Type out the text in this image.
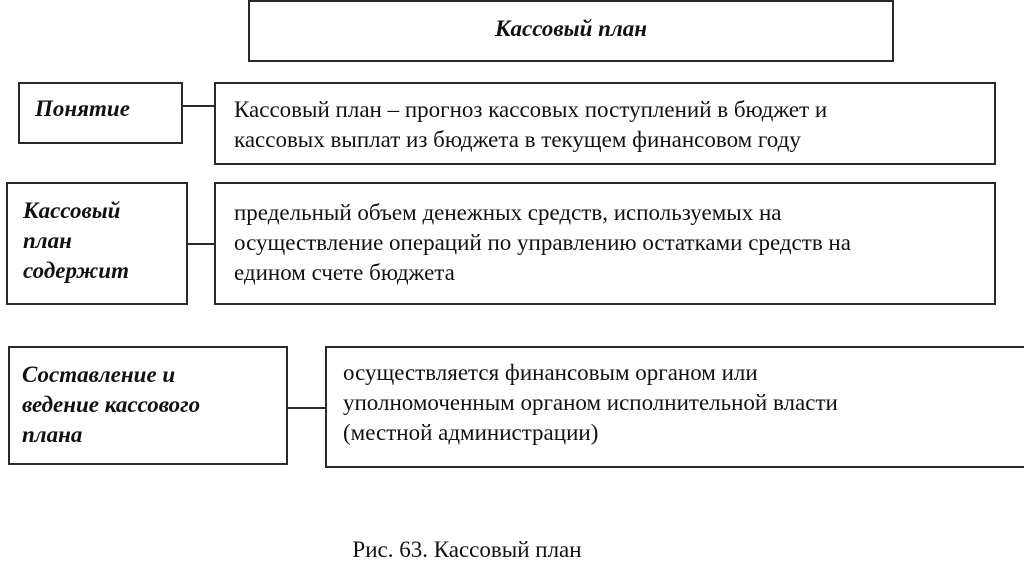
Кассовый план
Понятие	Кассовый план – прогноз кассовых поступлений в бюджет и
кассовых выплат из бюджета в текущем финансовом году
Кассовый
план
содержит
предельный объем денежных средств, используемых на
осуществление операций по управлению остатками средств на
едином счете бюджета
Составление и
ведение кассового
плана
осуществляется финансовым органом или
уполномоченным органом исполнительной власти
(местной администрации)
Рис. 63. Кассовый план
